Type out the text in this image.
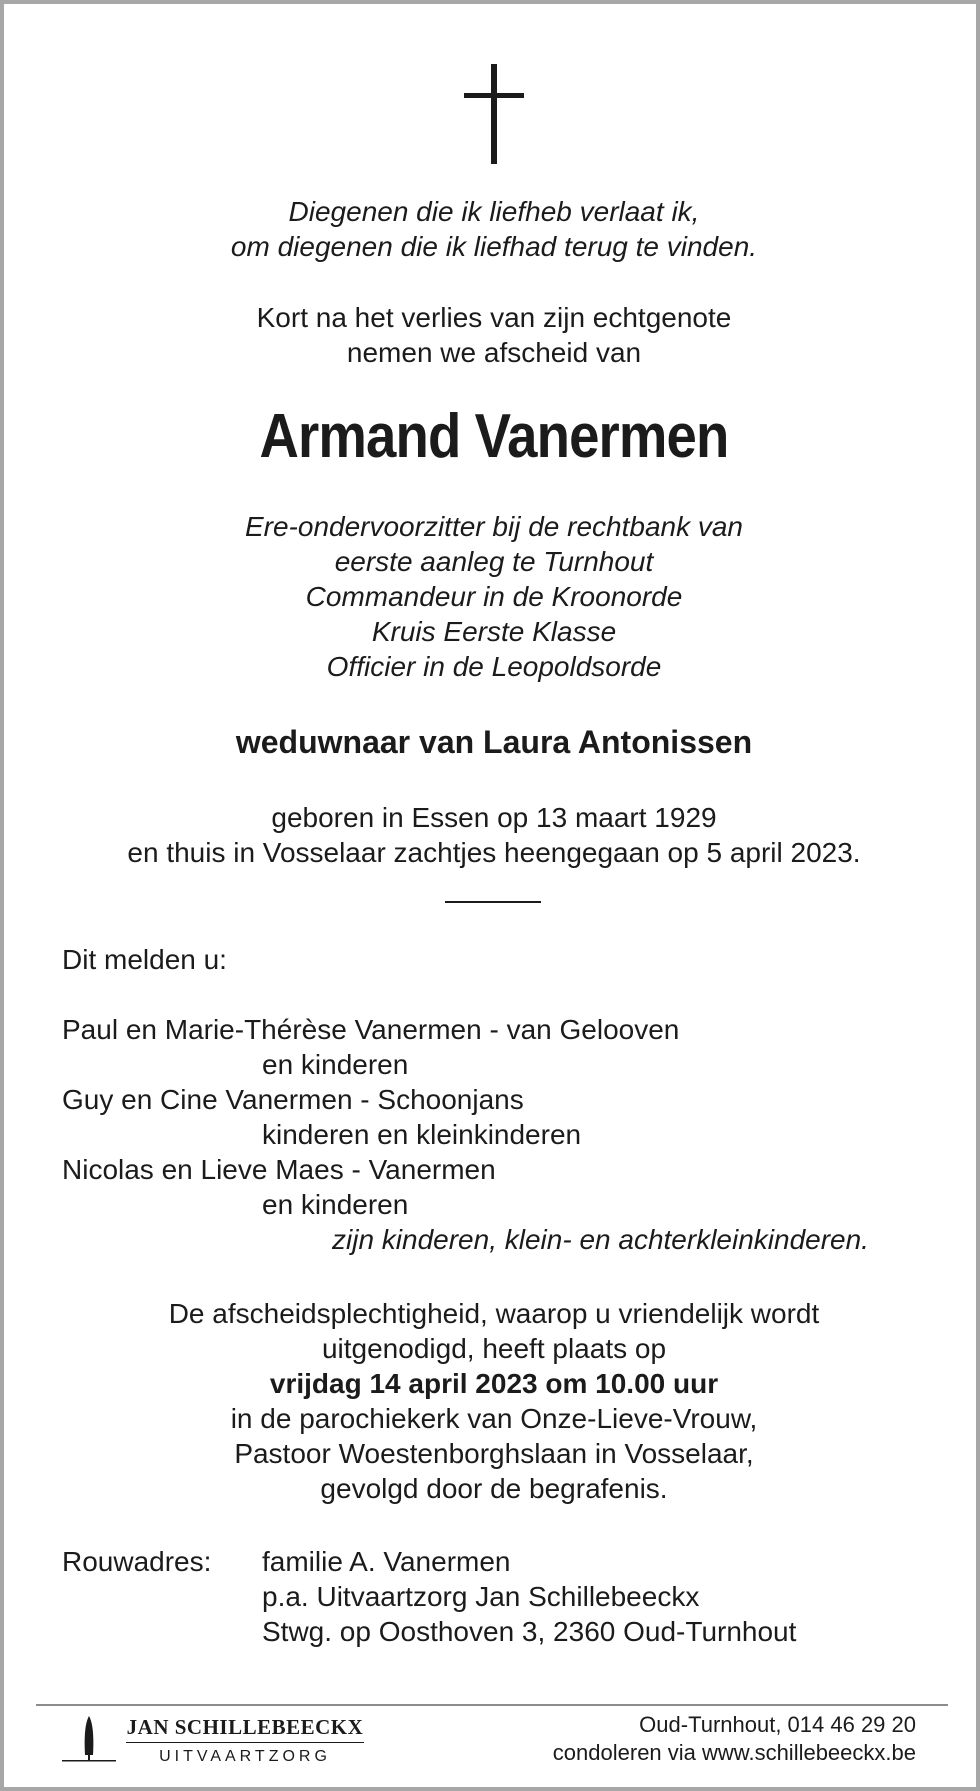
Diegenen die ik liefheb verlaat ik,
om diegenen die ik liefhad terug te vinden.
Kort na het verlies van zijn echtgenote
nemen we afscheid van
Armand Vanermen
Ere-ondervoorzitter bij de rechtbank van
eerste aanleg te Turnhout
Commandeur in de Kroonorde
Kruis Eerste Klasse
Officier in de Leopoldsorde
weduwnaar van Laura Antonissen
geboren in Essen op 13 maart 1929
en thuis in Vosselaar zachtjes heengegaan op 5 april 2023.
Dit melden u:
Paul en Marie-Thérèse Vanermen - van Gelooven
en kinderen
Guy en Cine Vanermen - Schoonjans
kinderen en kleinkinderen
Nicolas en Lieve Maes - Vanermen
en kinderen
zijn kinderen, klein- en achterkleinkinderen.
De afscheidsplechtigheid, waarop u vriendelijk wordt
uitgenodigd, heeft plaats op
vrijdag 14 april 2023 om 10.00 uur
in de parochiekerk van Onze-Lieve-Vrouw,
Pastoor Woestenborghslaan in Vosselaar,
gevolgd door de begrafenis.
Rouwadres: familie A. Vanermen
p.a. Uitvaartzorg Jan Schillebeeckx
Stwg. op Oosthoven 3, 2360 Oud-Turnhout
JAN SCHILLEBEECKX
UITVAARTZORG
Oud-Turnhout, 014 46 29 20
condoleren via www.schillebeeckx.be
